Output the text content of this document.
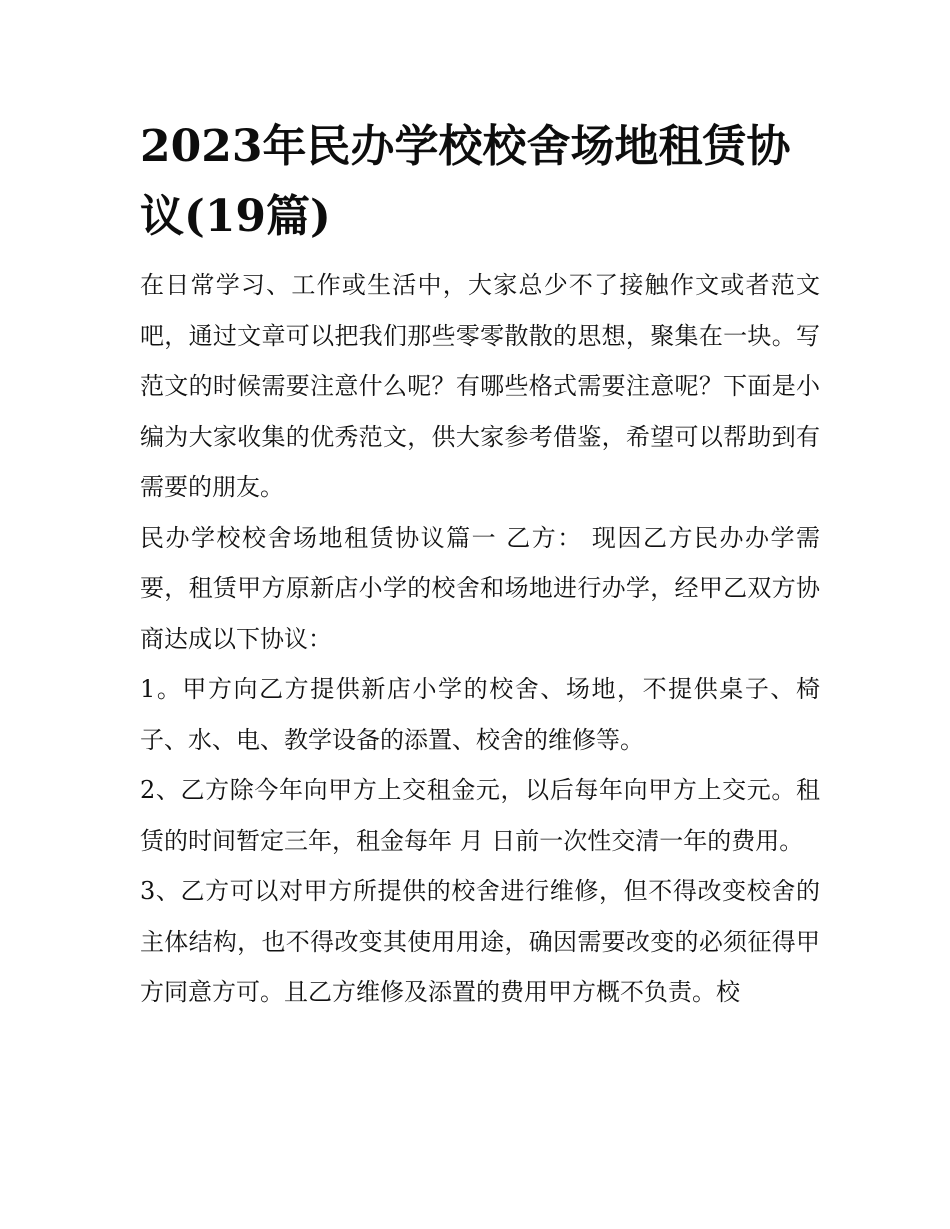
2023年民办学校校舍场地租赁协议(19篇)

在日常学习、工作或生活中，大家总少不了接触作文或者范文吧，通过文章可以把我们那些零零散散的思想，聚集在一块。写范文的时候需要注意什么呢？有哪些格式需要注意呢？下面是小编为大家收集的优秀范文，供大家参考借鉴，希望可以帮助到有需要的朋友。

民办学校校舍场地租赁协议篇一 乙方： 现因乙方民办办学需要，租赁甲方原新店小学的校舍和场地进行办学，经甲乙双方协商达成以下协议：

1。甲方向乙方提供新店小学的校舍、场地，不提供桌子、椅子、水、电、教学设备的添置、校舍的维修等。

2、乙方除今年向甲方上交租金元，以后每年向甲方上交元。租赁的时间暂定三年，租金每年 月 日前一次性交清一年的费用。

3、乙方可以对甲方所提供的校舍进行维修，但不得改变校舍的主体结构，也不得改变其使用用途，确因需要改变的必须征得甲方同意方可。且乙方维修及添置的费用甲方概不负责。校
